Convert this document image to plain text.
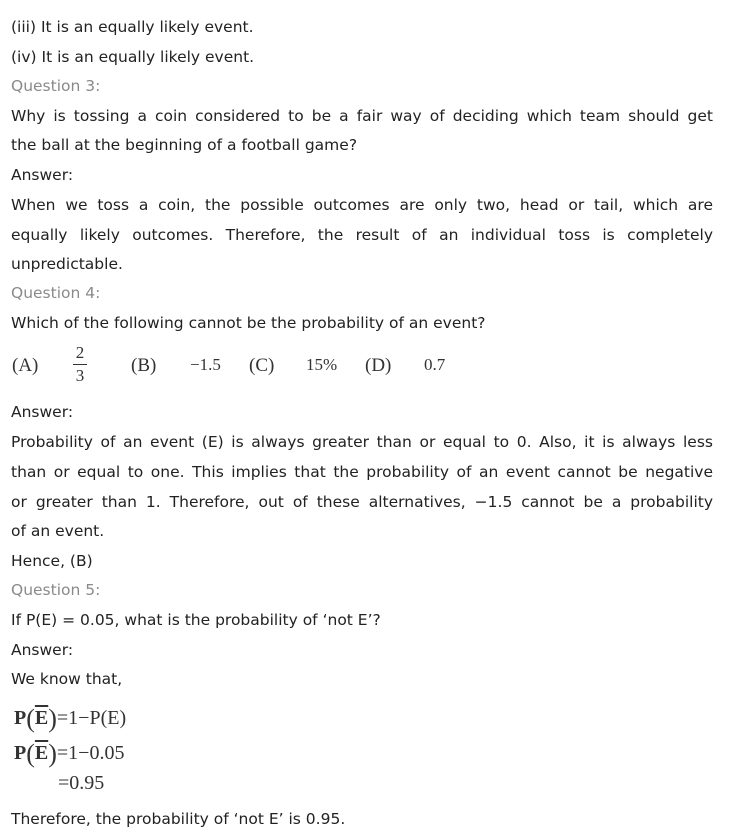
(iii) It is an equally likely event.
(iv) It is an equally likely event.
Question 3:
Why is tossing a coin considered to be a fair way of deciding which team should get
the ball at the beginning of a football game?
Answer:
When we toss a coin, the possible outcomes are only two, head or tail, which are
equally likely outcomes. Therefore, the result of an individual toss is completely
unpredictable.
Question 4:
Which of the following cannot be the probability of an event?
(A)
2
3 (B) −1.5 (C) 15% (D) 0.7
Answer:
Probability of an event (E) is always greater than or equal to 0. Also, it is always less
than or equal to one. This implies that the probability of an event cannot be negative
or greater than 1. Therefore, out of these alternatives, −1.5 cannot be a probability
of an event.
Hence, (B)
Question 5:
If P(E) = 0.05, what is the probability of ‘not E’?
Answer:
We know that,
$P(\overline{E})=1-P(E)$
$P(\overline{E})=1-0.05$
=0.95
Therefore, the probability of ‘not E’ is 0.95.
